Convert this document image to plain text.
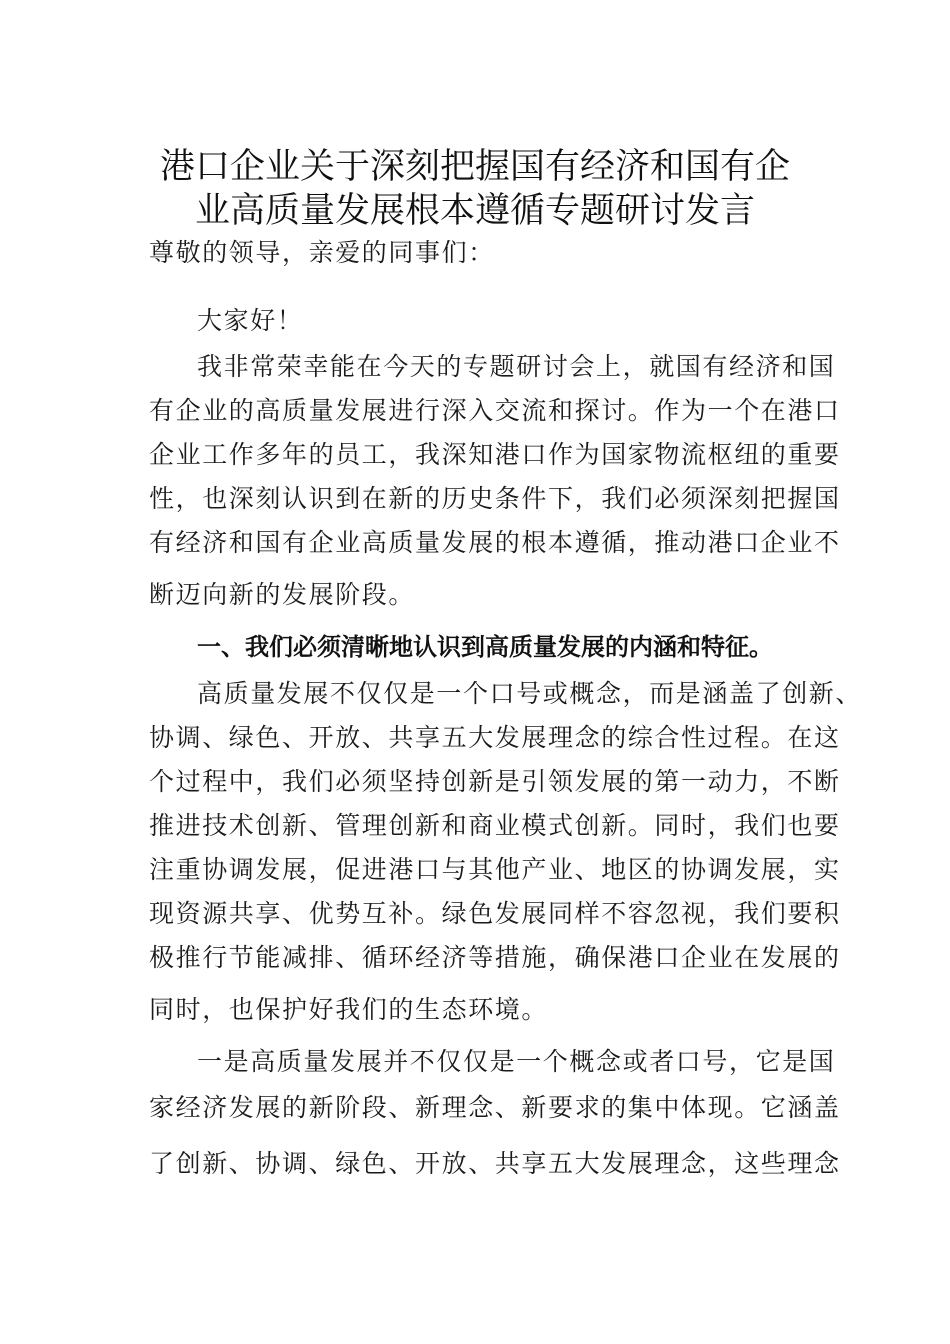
港口企业关于深刻把握国有经济和国有企
业高质量发展根本遵循专题研讨发言
尊敬的领导，亲爱的同事们：
大家好！
我非常荣幸能在今天的专题研讨会上，就国有经济和国
有企业的高质量发展进行深入交流和探讨。作为一个在港口
企业工作多年的员工，我深知港口作为国家物流枢纽的重要
性，也深刻认识到在新的历史条件下，我们必须深刻把握国
有经济和国有企业高质量发展的根本遵循，推动港口企业不
断迈向新的发展阶段。
一、我们必须清晰地认识到高质量发展的内涵和特征。
高质量发展不仅仅是一个口号或概念，而是涵盖了创新、
协调、绿色、开放、共享五大发展理念的综合性过程。在这
个过程中，我们必须坚持创新是引领发展的第一动力，不断
推进技术创新、管理创新和商业模式创新。同时，我们也要
注重协调发展，促进港口与其他产业、地区的协调发展，实
现资源共享、优势互补。绿色发展同样不容忽视，我们要积
极推行节能减排、循环经济等措施，确保港口企业在发展的
同时，也保护好我们的生态环境。
一是高质量发展并不仅仅是一个概念或者口号，它是国
家经济发展的新阶段、新理念、新要求的集中体现。它涵盖
了创新、协调、绿色、开放、共享五大发展理念，这些理念
